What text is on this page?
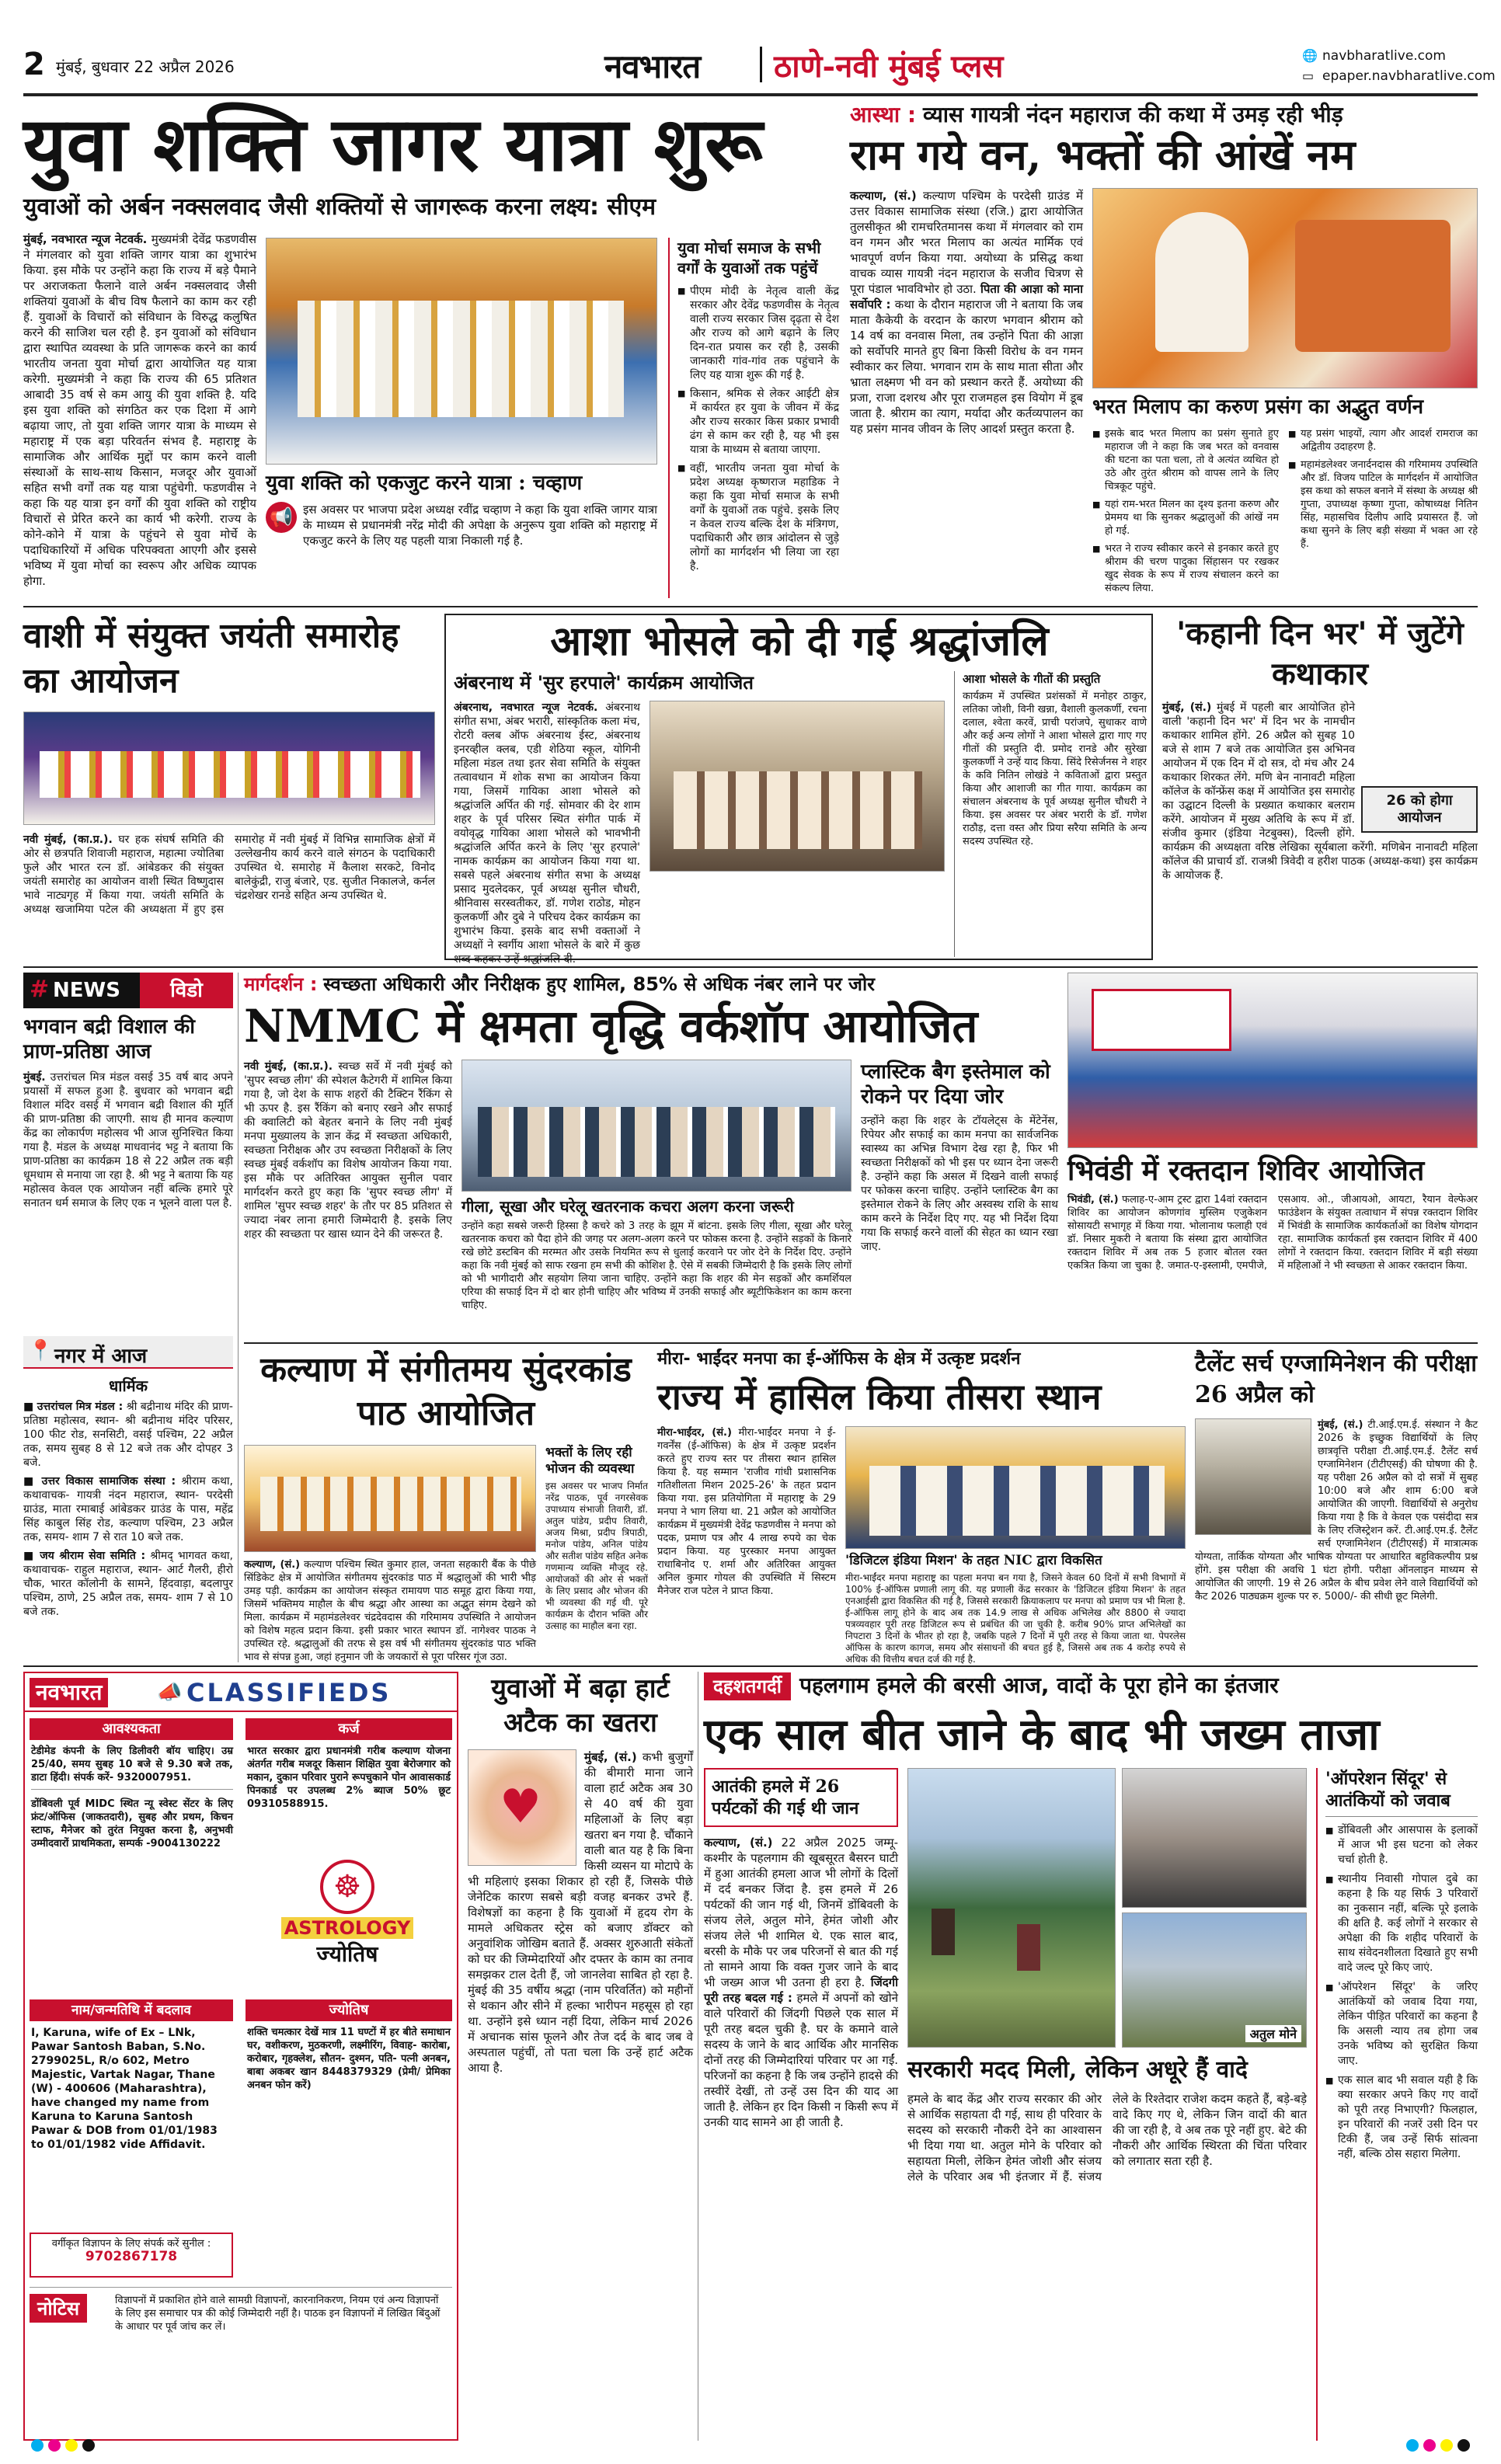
2 मुंबई, बुधवार 22 अप्रैल 2026	नवभारत ठाणे-नवी मुंबई प्लस	🌐 navbharatlive.com
▭ epaper.navbharatlive.com
युवा शक्ति जागर यात्रा शुरू
युवाओं को अर्बन नक्सलवाद जैसी शक्तियों से जागरूक करना लक्ष्य: सीएम
मुंबई, नवभारत न्यूज नेटवर्क. मुख्यमंत्री देवेंद्र फडणवीस ने मंगलवार को युवा शक्ति जागर यात्रा का शुभारंभ किया. इस मौके पर उन्होंने कहा कि राज्य में बड़े पैमाने पर अराजकता फैलाने वाले अर्बन नक्सलवाद जैसी शक्तियां युवाओं के बीच विष फैलाने का काम कर रही हैं. युवाओं के विचारों को संविधान के विरुद्ध कलुषित करने की साजिश चल रही है. इन युवाओं को संविधान द्वारा स्थापित व्यवस्था के प्रति जागरूक करने का कार्य भारतीय जनता युवा मोर्चा द्वारा आयोजित यह यात्रा करेगी. मुख्यमंत्री ने कहा कि राज्य की 65 प्रतिशत आबादी 35 वर्ष से कम आयु की युवा शक्ति है. यदि इस युवा शक्ति को संगठित कर एक दिशा में आगे बढ़ाया जाए, तो युवा शक्ति जागर यात्रा के माध्यम से महाराष्ट्र में एक बड़ा परिवर्तन संभव है. महाराष्ट्र के सामाजिक और आर्थिक मुद्दों पर काम करने वाली संस्थाओं के साथ-साथ किसान, मजदूर और युवाओं सहित सभी वर्गों तक यह यात्रा पहुंचेगी. फडणवीस ने कहा कि यह यात्रा इन वर्गों की युवा शक्ति को राष्ट्रीय विचारों से प्रेरित करने का कार्य भी करेगी. राज्य के कोने-कोने में यात्रा के पहुंचने से युवा मोर्चे के पदाधिकारियों में अधिक परिपक्वता आएगी और इससे भविष्य में युवा मोर्चा का स्वरूप और अधिक व्यापक होगा.
युवा शक्ति को एकजुट करने यात्रा : चव्हाण
📢 इस अवसर पर भाजपा प्रदेश अध्यक्ष रवींद्र चव्हाण ने कहा कि युवा शक्ति जागर यात्रा के माध्यम से प्रधानमंत्री नरेंद्र मोदी की अपेक्षा के अनुरूप युवा शक्ति को महाराष्ट्र में एकजुट करने के लिए यह पहली यात्रा निकाली गई है.
युवा मोर्चा समाज के सभी वर्गों के युवाओं तक पहुंचें
■ पीएम मोदी के नेतृत्व वाली केंद्र सरकार और देवेंद्र फडणवीस के नेतृत्व वाली राज्य सरकार जिस दृढ़ता से देश और राज्य को आगे बढ़ाने के लिए दिन-रात प्रयास कर रही है, उसकी जानकारी गांव-गांव तक पहुंचाने के लिए यह यात्रा शुरू की गई है.
■ किसान, श्रमिक से लेकर आईटी क्षेत्र में कार्यरत हर युवा के जीवन में केंद्र और राज्य सरकार किस प्रकार प्रभावी ढंग से काम कर रही है, यह भी इस यात्रा के माध्यम से बताया जाएगा.
■ वहीं, भारतीय जनता युवा मोर्चा के प्रदेश अध्यक्ष कृष्णराज महाडिक ने कहा कि युवा मोर्चा समाज के सभी वर्गों के युवाओं तक पहुंचे. इसके लिए न केवल राज्य बल्कि देश के मंत्रिगण, पदाधिकारी और छात्र आंदोलन से जुड़े लोगों का मार्गदर्शन भी लिया जा रहा है.
आस्था : व्यास गायत्री नंदन महाराज की कथा में उमड़ रही भीड़
राम गये वन, भक्तों की आंखें नम
कल्याण, (सं.) कल्याण पश्चिम के परदेसी ग्राउंड में उत्तर विकास सामाजिक संस्था (रजि.) द्वारा आयोजित तुलसीकृत श्री रामचरितमानस कथा में मंगलवार को राम वन गमन और भरत मिलाप का अत्यंत मार्मिक एवं भावपूर्ण वर्णन किया गया. अयोध्या के प्रसिद्ध कथा वाचक व्यास गायत्री नंदन महाराज के सजीव चित्रण से पूरा पंडाल भावविभोर हो उठा. पिता की आज्ञा को माना सर्वोपरि : कथा के दौरान महाराज जी ने बताया कि जब माता कैकेयी के वरदान के कारण भगवान श्रीराम को 14 वर्ष का वनवास मिला, तब उन्होंने पिता की आज्ञा को सर्वोपरि मानते हुए बिना किसी विरोध के वन गमन स्वीकार कर लिया. भगवान राम के साथ माता सीता और भ्राता लक्ष्मण भी वन को प्रस्थान करते हैं. अयोध्या की प्रजा, राजा दशरथ और पूरा राजमहल इस वियोग में डूब जाता है. श्रीराम का त्याग, मर्यादा और कर्तव्यपालन का यह प्रसंग मानव जीवन के लिए आदर्श प्रस्तुत करता है.
भरत मिलाप का करुण प्रसंग का अद्भुत वर्णन
■ इसके बाद भरत मिलाप का प्रसंग सुनाते हुए महाराज जी ने कहा कि जब भरत को वनवास की घटना का पता चला, तो वे अत्यंत व्यथित हो उठे और तुरंत श्रीराम को वापस लाने के लिए चित्रकूट पहुंचे.
■ यहां राम-भरत मिलन का दृश्य इतना करुण और प्रेममय था कि सुनकर श्रद्धालुओं की आंखें नम हो गई.
■ भरत ने राज्य स्वीकार करने से इनकार करते हुए श्रीराम की चरण पादुका सिंहासन पर रखकर खुद सेवक के रूप में राज्य संचालन करने का संकल्प लिया.
■ यह प्रसंग भाइयों, त्याग और आदर्श रामराज का अद्वितीय उदाहरण है.
■ महामंडलेश्वर जनार्दनदास की गरिमामय उपस्थिति और डॉ. विजय पाटिल के मार्गदर्शन में आयोजित इस कथा को सफल बनाने में संस्था के अध्यक्ष श्री गुप्ता, उपाध्यक्ष कृष्णा गुप्ता, कोषाध्यक्ष नितिन सिंह, महासचिव दिलीप आदि प्रयासरत हैं. जो कथा सुनने के लिए बड़ी संख्या में भक्त आ रहे हैं.
वाशी में संयुक्त जयंती समारोह का आयोजन
नवी मुंबई, (का.प्र.). घर हक संघर्ष समिति की ओर से छत्रपति शिवाजी महाराज, महात्मा ज्योतिबा फुले और भारत रत्न डॉ. आंबेडकर की संयुक्त जयंती समारोह का आयोजन वाशी स्थित विष्णुदास भावे नाट्यगृह में किया गया. जयंती समिति के अध्यक्ष खजामिया पटेल की अध्यक्षता में हुए इस समारोह में नवी मुंबई में विभिन्न सामाजिक क्षेत्रों में उल्लेखनीय कार्य करने वाले संगठन के पदाधिकारी उपस्थित थे. समारोह में कैलाश सरकटे, विनोद बालेकुंद्री, राजु बंजारे, एड. सुजीत निकालजे, कर्नल चंद्रशेखर रानडे सहित अन्य उपस्थित थे.
आशा भोसले को दी गई श्रद्धांजलि
अंबरनाथ में 'सुर हरपाले' कार्यक्रम आयोजित
अंबरनाथ, नवभारत न्यूज नेटवर्क. अंबरनाथ संगीत सभा, अंबर भरारी, सांस्कृतिक कला मंच, रोटरी क्लब ऑफ अंबरनाथ ईस्ट, अंबरनाथ इनरव्हील क्लब, एडी शेठिया स्कूल, योगिनी महिला मंडल तथा इतर सेवा समिति के संयुक्त तत्वावधान में शोक सभा का आयोजन किया गया, जिसमें गायिका आशा भोसले को श्रद्धांजलि अर्पित की गई. सोमवार की देर शाम शहर के पूर्व परिसर स्थित संगीत पार्क में वयोवृद्ध गायिका आशा भोसले को भावभीनी श्रद्धांजलि अर्पित करने के लिए 'सुर हरपाले' नामक कार्यक्रम का आयोजन किया गया था. सबसे पहले अंबरनाथ संगीत सभा के अध्यक्ष प्रसाद मुदलेदकर, पूर्व अध्यक्ष सुनील चौधरी, श्रीनिवास सरस्वतीकर, डॉ. गणेश राठोड, मोहन कुलकर्णी और दुबे ने परिचय देकर कार्यक्रम का शुभारंभ किया. इसके बाद सभी वक्ताओं ने अध्यक्षों ने स्वर्गीय आशा भोसले के बारे में कुछ शब्द कहकर उन्हें श्रद्धांजलि दी.
आशा भोसले के गीतों की प्रस्तुति
कार्यक्रम में उपस्थित प्रशंसकों में मनोहर ठाकुर, लतिका जोशी, विनी खन्ना, वैशाली कुलकर्णी, रचना दलाल, श्वेता करवें, प्राची परांजपे, सुधाकर वाणे और कई अन्य लोगों ने आशा भोसले द्वारा गाए गए गीतों की प्रस्तुति दी. प्रमोद रानडे और सुरेखा कुलकर्णी ने उन्हें याद किया. सिंदे रिसेर्जनस ने शहर के कवि नितिन लोखंडे ने कविताओं द्वारा प्रस्तुत किया और आशाजी का गीत गाया. कार्यक्रम का संचालन अंबरनाथ के पूर्व अध्यक्ष सुनील चौधरी ने किया. इस अवसर पर अंबर भरारी के डॉ. गणेश राठौड़, दत्ता वस्त और प्रिया सरैया समिति के अन्य सदस्य उपस्थित रहे.
'कहानी दिन भर' में जुटेंगे कथाकार
26 को होगा आयोजन
मुंबई, (सं.) मुंबई में पहली बार आयोजित होने वाली 'कहानी दिन भर' में दिन भर के नामचीन कथाकार शामिल होंगे. 26 अप्रैल को सुबह 10 बजे से शाम 7 बजे तक आयोजित इस अभिनव आयोजन में एक दिन में दो सत्र, दो मंच और 24 कथाकार शिरकत लेंगे. मणि बेन नानावटी महिला कॉलेज के कॉन्फ्रेंस कक्ष में आयोजित इस समारोह का उद्घाटन दिल्ली के प्रख्यात कथाकार बलराम करेंगे. आयोजन में मुख्य अतिथि के रूप में डॉ. संजीव कुमार (इंडिया नेटबुक्स), दिल्ली होंगे. कार्यक्रम की अध्यक्षता वरिष्ठ लेखिका सूर्यबाला करेंगी. मणिबेन नानावटी महिला कॉलेज की प्राचार्य डॉ. राजश्री त्रिवेदी व हरीश पाठक (अध्यक्ष-कथा) इस कार्यक्रम के आयोजक हैं.
# NEWS	विडो
भगवान बद्री विशाल की प्राण-प्रतिष्ठा आज
मुंबई. उत्तरांचल मित्र मंडल वसई 35 वर्ष बाद अपने प्रयासों में सफल हुआ है. बुधवार को भगवान बद्री विशाल मंदिर वसई में भगवान बद्री विशाल की मूर्ति की प्राण-प्रतिष्ठा की जाएगी. साथ ही मानव कल्याण केंद्र का लोकार्पण महोत्सव भी आज सुनिश्चित किया गया है. मंडल के अध्यक्ष माधवानंद भट्ट ने बताया कि प्राण-प्रतिष्ठा का कार्यक्रम 18 से 22 अप्रैल तक बड़ी धूमधाम से मनाया जा रहा है. श्री भट्ट ने बताया कि यह महोत्सव केवल एक आयोजन नहीं बल्कि हमारे पूरे सनातन धर्म समाज के लिए एक न भूलने वाला पल है.
📍 नगर में आज
धार्मिक

■ उत्तरांचल मित्र मंडल : श्री बद्रीनाथ मंदिर की प्राण-प्रतिष्ठा महोत्सव, स्थान- श्री बद्रीनाथ मंदिर परिसर, 100 फीट रोड, सनसिटी, वसई पश्चिम, 22 अप्रैल तक, समय सुबह 8 से 12 बजे तक और दोपहर 3 बजे.

■ उत्तर विकास सामाजिक संस्था : श्रीराम कथा, कथावाचक- गायत्री नंदन महाराज, स्थान- परदेसी ग्राउंड, माता रमाबाई आंबेडकर ग्राउंड के पास, महेंद्र सिंह काबुल सिंह रोड, कल्याण पश्चिम, 23 अप्रैल तक, समय- शाम 7 से रात 10 बजे तक.

■ जय श्रीराम सेवा समिति : श्रीमद् भागवत कथा, कथावाचक- राहुल महाराज, स्थान- आर्ट गैलरी, हीरो चौक, भारत कॉलोनी के सामने, हिंदवाड़ा, बदलापुर पश्चिम, ठाणे, 25 अप्रैल तक, समय- शाम 7 से 10 बजे तक.

मार्गदर्शन : स्वच्छता अधिकारी और निरीक्षक हुए शामिल, 85% से अधिक नंबर लाने पर जोर
NMMC में क्षमता वृद्धि वर्कशॉप आयोजित
नवी मुंबई, (का.प्र.). स्वच्छ सर्वे में नवी मुंबई को 'सुपर स्वच्छ लीग' की स्पेशल कैटेगरी में शामिल किया गया है, जो देश के साफ शहरों की टैक्टिन रैंकिंग से भी ऊपर है. इस रैंकिंग को बनाए रखने और सफाई की क्वालिटी को बेहतर बनाने के लिए नवी मुंबई मनपा मुख्यालय के ज्ञान केंद्र में स्वच्छता अधिकारी, स्वच्छता निरीक्षक और उप स्वच्छता निरीक्षकों के लिए स्वच्छ मुंबई वर्कशॉप का विशेष आयोजन किया गया. इस मौके पर अतिरिक्त आयुक्त सुनील पवार मार्गदर्शन करते हुए कहा कि 'सुपर स्वच्छ लीग' में शामिल 'सुपर स्वच्छ शहर' के तौर पर 85 प्रतिशत से ज्यादा नंबर लाना हमारी जिम्मेदारी है. इसके लिए शहर की स्वच्छता पर खास ध्यान देने की जरूरत है.
गीला, सूखा और घरेलू खतरनाक कचरा अलग करना जरूरी
उन्होंने कहा सबसे जरूरी हिस्सा है कचरे को 3 तरह के झूम में बांटना. इसके लिए गीला, सूखा और घरेलू खतरनाक कचरा को पैदा होने की जगह पर अलग-अलग करने पर फोकस करना है. उन्होंने सड़कों के किनारे रखे छोटे डस्टबिन की मरम्मत और उसके नियमित रूप से धुलाई करवाने पर जोर देने के निर्देश दिए. उन्होंने कहा कि नवी मुंबई को साफ रखना हम सभी की कोशिश है. ऐसे में सबकी जिम्मेदारी है कि इसके लिए लोगों को भी भागीदारी और सहयोग लिया जाना चाहिए. उन्होंने कहा कि शहर की मेन सड़कों और कमर्शियल एरिया की सफाई दिन में दो बार होनी चाहिए और भविष्य में उनकी सफाई और ब्यूटीफिकेशन का काम करना चाहिए.
प्लास्टिक बैग इस्तेमाल को रोकने पर दिया जोर
उन्होंने कहा कि शहर के टॉयलेट्स के मेंटेनेंस, रिपेयर और सफाई का काम मनपा का सार्वजनिक स्वास्थ्य का अभिन्न विभाग देख रहा है, फिर भी स्वच्छता निरीक्षकों को भी इस पर ध्यान देना जरूरी है. उन्होंने कहा कि असल में दिखने वाली सफाई पर फोकस करना चाहिए. उन्होंने प्लास्टिक बैग का इस्तेमाल रोकने के लिए और अस्वस्थ राशि के साथ काम करने के निर्देश दिए गए. यह भी निर्देश दिया गया कि सफाई करने वालों की सेहत का ध्यान रखा जाए.
भिवंडी में रक्तदान शिविर आयोजित
भिवंडी, (सं.) फलाह-ए-आम ट्रस्ट द्वारा 14वां रक्तदान शिविर का आयोजन कोणगांव मुस्लिम एजुकेशन सोसायटी सभागृह में किया गया. भोलानाथ फलाही एवं डॉ. निसार मुकरी ने बताया कि संस्था द्वारा आयोजित रक्तदान शिविर में अब तक 5 हजार बोतल रक्त एकत्रित किया जा चुका है. जमात-ए-इस्लामी, एमपीजे, एसआय. ओ., जीआयओ, आयटा, रैयान वेल्फेअर फाउंडेशन के संयुक्त तत्वाधान में संपन्न रक्तदान शिविर में भिवंडी के सामाजिक कार्यकर्ताओं का विशेष योगदान रहा. सामाजिक कार्यकर्ता इस रक्तदान शिविर में 400 लोगों ने रक्तदान किया. रक्तदान शिविर में बड़ी संख्या में महिलाओं ने भी स्वच्छता से आकर रक्तदान किया.
कल्याण में संगीतमय सुंदरकांड पाठ आयोजित
कल्याण, (सं.) कल्याण पश्चिम स्थित कुमार हाल, जनता सहकारी बैंक के पीछे सिंडिकेट क्षेत्र में आयोजित संगीतमय सुंदरकांड पाठ में श्रद्धालुओं की भारी भीड़ उमड़ पड़ी. कार्यक्रम का आयोजन संस्कृत रामायण पाठ समूह द्वारा किया गया, जिसमें भक्तिमय माहौल के बीच श्रद्धा और आस्था का अद्भुत संगम देखने को मिला. कार्यक्रम में महामंडलेश्वर चंद्रदेवदास की गरिमामय उपस्थिति ने आयोजन को विशेष महत्व प्रदान किया. इसी प्रकार भारत स्थापन डॉ. नागेश्वर पाठक ने उपस्थित रहे. श्रद्धालुओं की तरफ से इस वर्ष भी संगीतमय सुंदरकांड पाठ भक्ति भाव से संपन्न हुआ, जहां हनुमान जी के जयकारों से पूरा परिसर गूंज उठा.
भक्तों के लिए रही भोजन की व्यवस्था
इस अवसर पर भाजप निर्मात नरेंद्र पाठक, पूर्व नगरसेवक उपाध्याय संभाजी तिवारी, डॉ. अतुल पांडेय, प्रदीप तिवारी, अजय मिश्रा, प्रदीप त्रिपाठी, मनोज पांडेय, अनिल पांडेय और सतीश पांडेय सहित अनेक गणमान्य व्यक्ति मौजूद रहे. आयोजकों की ओर से भक्तों के लिए प्रसाद और भोजन की भी व्यवस्था की गई थी. पूरे कार्यक्रम के दौरान भक्ति और उत्साह का माहौल बना रहा.
मीरा- भाईंदर मनपा का ई-ऑफिस के क्षेत्र में उत्कृष्ट प्रदर्शन
राज्य में हासिल किया तीसरा स्थान
मीरा-भाईंदर, (सं.) मीरा-भाईंदर मनपा ने ई-गवर्नेंस (ई-ऑफिस) के क्षेत्र में उत्कृष्ट प्रदर्शन करते हुए राज्य स्तर पर तीसरा स्थान हासिल किया है. यह सम्मान 'राजीव गांधी प्रशासनिक गतिशीलता मिशन 2025-26' के तहत प्रदान किया गया. इस प्रतियोगिता में महाराष्ट्र के 29 मनपा ने भाग लिया था. 21 अप्रैल को आयोजित कार्यक्रम में मुख्यमंत्री देवेंद्र फडणवीस ने मनपा को पदक, प्रमाण पत्र और 4 लाख रुपये का चेक प्रदान किया. यह पुरस्कार मनपा आयुक्त राधाबिनोद ए. शर्मा और अतिरिक्त आयुक्त अनिल कुमार गोयल की उपस्थिति में सिस्टम मैनेजर राज पटेल ने प्राप्त किया.
'डिजिटल इंडिया मिशन' के तहत NIC द्वारा विकसित
मीरा-भाईंदर मनपा महाराष्ट्र का पहला मनपा बन गया है, जिसने केवल 60 दिनों में सभी विभागों में 100% ई-ऑफिस प्रणाली लागू की. यह प्रणाली केंद्र सरकार के 'डिजिटल इंडिया मिशन' के तहत एनआईसी द्वारा विकसित की गई है, जिससे सरकारी क्रियाकलाप पर मनपा को प्रमाण पत्र भी मिला है. ई-ऑफिस लागू होने के बाद अब तक 14.9 लाख से अधिक अभिलेख और 8800 से ज्यादा पत्रव्यवहार पूरी तरह डिजिटल रूप से प्रबंधित की जा चुकी है. करीब 90% प्राप्त अभिलेखों का निपटारा 3 दिनों के भीतर हो रहा है, जबकि पहले 7 दिनों में पूरी तरह से किया जाता था. पेपरलेस ऑफिस के कारण कागज, समय और संसाधनों की बचत हुई है, जिससे अब तक 4 करोड़ रुपये से अधिक की वित्तीय बचत दर्ज की गई है.
टैलेंट सर्च एग्जामिनेशन की परीक्षा 26 अप्रैल को
मुंबई, (सं.) टी.आई.एम.ई. संस्थान ने कैट 2026 के इच्छुक विद्यार्थियों के लिए छात्रवृत्ति परीक्षा टी.आई.एम.ई. टैलेंट सर्च एग्जामिनेशन (टीटीएसई) की घोषणा की है. यह परीक्षा 26 अप्रैल को दो सत्रों में सुबह 10:00 बजे और शाम 6:00 बजे आयोजित की जाएगी. विद्यार्थियों से अनुरोध किया गया है कि वे केवल एक पसंदीदा सत्र के लिए रजिस्ट्रेशन करें. टी.आई.एम.ई. टैलेंट सर्च एग्जामिनेशन (टीटीएसई) में मात्रात्मक योग्यता, तार्किक योग्यता और भाषिक योग्यता पर आधारित बहुविकल्पीय प्रश्न होंगे. इस परीक्षा की अवधि 1 घंटा होगी. परीक्षा ऑनलाइन माध्यम से आयोजित की जाएगी. 19 से 26 अप्रैल के बीच प्रवेश लेने वाले विद्यार्थियों को कैट 2026 पाठ्यक्रम शुल्क पर रु. 5000/- की सीधी छूट मिलेगी.
नवभारत	📣 CLASSIFIEDS
आवश्यकता	कर्ज

टेडीमेड कंपनी के लिए डिलीवरी बॉय चाहिए। उम्र 25/40, समय सुबह 10 बजे से 9.30 बजे तक, डाटा हिंदी। संपर्क करें- 9320007951.

डोंबिवली पूर्व MIDC स्थित न्यू स्वेस्ट सेंटर के लिए फ्रंट/ऑफिस (जाकतदारी), सुबह और प्रथम, किचन स्टाफ, मैनेजर को तुरंत नियुक्त करना है, अनुभवी उम्मीदवारों प्राथमिकता, सम्पर्क -9004130222

भारत सरकार द्वारा प्रधानमंत्री गरीब कल्याण योजना अंतर्गत गरीब मजदूर किसान शिक्षित युवा बेरोजगार को मकान, दुकान परिवार पुराने रूपचुकाने पोन आवासकार्ड पिनकार्ड पर उपलब्ध 2% ब्याज 50% छूट 09310588915.

☸
ASTROLOGY
ज्योतिष
नाम/जन्मतिथि में बदलाव
I, Karuna, wife of Ex – LNk, Pawar Santosh Baban, S.No. 2799025L, R/o 602, Metro Majestic, Vartak Nagar, Thane (W) - 400606 (Maharashtra), have changed my name from Karuna to Karuna Santosh Pawar & DOB from 01/01/1983 to 01/01/1982 vide Affidavit.
ज्योतिष
शक्ति चमत्कार देखें मात्र 11 घण्टों में हर बीते समाधान घर, वशीकरण, मुठकरणी, लक्ष्मीरिंग, विवाह- कारोबा, करोबार, गृहक्लेश, सौतन- दुश्मन, पति- पत्नी अनबन, बाबा अकबर खान 8448379329 (प्रेमी/ प्रेमिका अनबन फोन करें)
वर्गीकृत विज्ञापन के लिए संपर्क करें सुनील :
9702867178
नोटिस	विज्ञापनों में प्रकाशित होने वाले सामग्री विज्ञापनों, कारनानिकरण, नियम एवं अन्य विज्ञापनों के लिए इस समाचार पत्र की कोई जिम्मेदारी नहीं है। पाठक इन विज्ञापनों में लिखित बिंदुओं के आधार पर पूर्व जांच कर लें।
युवाओं में बढ़ा हार्ट अटैक का खतरा
♥
मुंबई, (सं.) कभी बुजुर्गों की बीमारी माना जाने वाला हार्ट अटैक अब 30 से 40 वर्ष की युवा महिलाओं के लिए बड़ा खतरा बन गया है. चौंकाने वाली बात यह है कि बिना किसी व्यसन या मोटापे के भी महिलाएं इसका शिकार हो रही हैं, जिसके पीछे जेनेटिक कारण सबसे बड़ी वजह बनकर उभरे हैं. विशेषज्ञों का कहना है कि युवाओं में हृदय रोग के मामले अधिकतर स्ट्रेस को बजाए डॉक्टर को अनुवांशिक जोखिम बताते हैं. अक्सर शुरुआती संकेतों को घर की जिम्मेदारियों और दफ्तर के काम का तनाव समझकर टाल देती हैं, जो जानलेवा साबित हो रहा है. मुंबई की 35 वर्षीय श्रद्धा (नाम परिवर्तित) को महीनों से थकान और सीने में हल्का भारीपन महसूस हो रहा था. उन्होंने इसे ध्यान नहीं दिया, लेकिन मार्च 2026 में अचानक सांस फूलने और तेज दर्द के बाद जब वे अस्पताल पहुंचीं, तो पता चला कि उन्हें हार्ट अटैक आया है.
दहशतगर्दी पहलगाम हमले की बरसी आज, वादों के पूरा होने का इंतजार
एक साल बीत जाने के बाद भी जख्म ताजा
आतंकी हमले में 26 पर्यटकों की गई थी जान
कल्याण, (सं.) 22 अप्रैल 2025 जम्मू-कश्मीर के पहलगाम की खूबसूरत बैसरन घाटी में हुआ आतंकी हमला आज भी लोगों के दिलों में दर्द बनकर जिंदा है. इस हमले में 26 पर्यटकों की जान गई थी, जिनमें डोंबिवली के संजय लेले, अतुल मोने, हेमंत जोशी और संजय लेले भी शामिल थे. एक साल बाद, बरसी के मौके पर जब परिजनों से बात की गई तो सामने आया कि वक्त गुजर जाने के बाद भी जख्म आज भी उतना ही हरा है. जिंदगी पूरी तरह बदल गई : हमले में अपनों को खोने वाले परिवारों की जिंदगी पिछले एक साल में पूरी तरह बदल चुकी है. घर के कमाने वाले सदस्य के जाने के बाद आर्थिक और मानसिक दोनों तरह की जिम्मेदारियां परिवार पर आ गईं. परिजनों का कहना है कि जब उन्होंने हादसे की तस्वीरें देखीं, तो उन्हें उस दिन की याद आ जाती है. लेकिन हर दिन किसी न किसी रूप में उनकी याद सामने आ ही जाती है.
अतुल मोने
सरकारी मदद मिली, लेकिन अधूरे हैं वादे
हमले के बाद केंद्र और राज्य सरकार की ओर से आर्थिक सहायता दी गई, साथ ही परिवार के सदस्य को सरकारी नौकरी देने का आश्वासन भी दिया गया था. अतुल मोने के परिवार को सहायता मिली, लेकिन हेमंत जोशी और संजय लेले के परिवार अब भी इंतजार में हैं. संजय लेले के रिश्तेदार राजेश कदम कहते हैं, बड़े-बड़े वादे किए गए थे, लेकिन जिन वादों की बात की जा रही है, वे अब तक पूरे नहीं हुए. बेटे की नौकरी और आर्थिक स्थिरता की चिंता परिवार को लगातार सता रही है.
'ऑपरेशन सिंदूर' से आतंकियों को जवाब
■ डोंबिवली और आसपास के इलाकों में आज भी इस घटना को लेकर चर्चा होती है.
■ स्थानीय निवासी गोपाल दुबे का कहना है कि यह सिर्फ 3 परिवारों का नुकसान नहीं, बल्कि पूरे इलाके की क्षति है. कई लोगों ने सरकार से अपेक्षा की कि शहीद परिवारों के साथ संवेदनशीलता दिखाते हुए सभी वादे जल्द पूरे किए जाएं.
■ 'ऑपरेशन सिंदूर' के जरिए आतंकियों को जवाब दिया गया, लेकिन पीड़ित परिवारों का कहना है कि असली न्याय तब होगा जब उनके भविष्य को सुरक्षित किया जाए.
■ एक साल बाद भी सवाल यही है कि क्या सरकार अपने किए गए वादों को पूरी तरह निभाएगी? फिलहाल, इन परिवारों की नजरें उसी दिन पर टिकी हैं, जब उन्हें सिर्फ सांत्वना नहीं, बल्कि ठोस सहारा मिलेगा.
